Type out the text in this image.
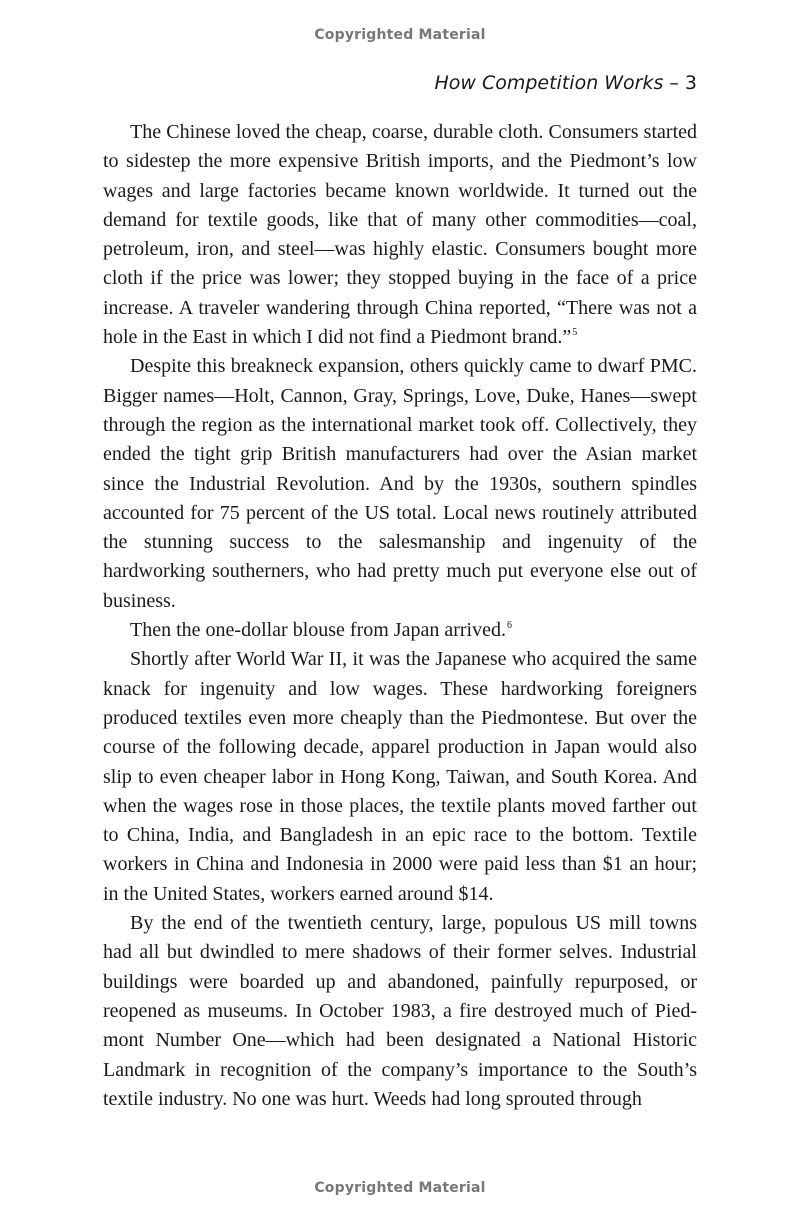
Copyrighted Material
How Competition Works – 3

The Chinese loved the cheap, coarse, durable cloth. Consumers started to sidestep the more expensive British imports, and the Piedmont’s low wages and large factories became known worldwide. It turned out the demand for textile goods, like that of many other commodities—coal, petroleum, iron, and steel—was highly elastic. Consumers bought more cloth if the price was lower; they stopped buying in the face of a price increase. A traveler wandering through China reported, “There was not a hole in the East in which I did not find a Piedmont brand.”$^5$

Despite this breakneck expansion, others quickly came to dwarf PMC. Bigger names—Holt, Cannon, Gray, Springs, Love, Duke, Hanes—swept through the region as the international market took off. Collectively, they ended the tight grip British manufacturers had over the Asian market since the Industrial Revolution. And by the 1930s, southern spindles accounted for 75 percent of the US total. Local news routinely attributed the stunning success to the salesmanship and ingenuity of the hardworking southerners, who had pretty much put everyone else out of business.

Then the one-dollar blouse from Japan arrived.$^6$

Shortly after World War II, it was the Japanese who acquired the same knack for ingenuity and low wages. These hardworking foreigners produced textiles even more cheaply than the Piedmontese. But over the course of the following decade, apparel production in Japan would also slip to even cheaper labor in Hong Kong, Taiwan, and South Korea. And when the wages rose in those places, the textile plants moved farther out to China, India, and Bangladesh in an epic race to the bottom. Textile workers in China and Indonesia in 2000 were paid less than $1 an hour; in the United States, workers earned around $14.

By the end of the twentieth century, large, populous US mill towns had all but dwindled to mere shadows of their former selves. Industrial buildings were boarded up and abandoned, painfully repurposed, or reopened as museums. In October 1983, a fire destroyed much of Piedmont Number One—which had been designated a National Historic Landmark in recognition of the company’s importance to the South’s textile industry. No one was hurt. Weeds had long sprouted through

Copyrighted Material
